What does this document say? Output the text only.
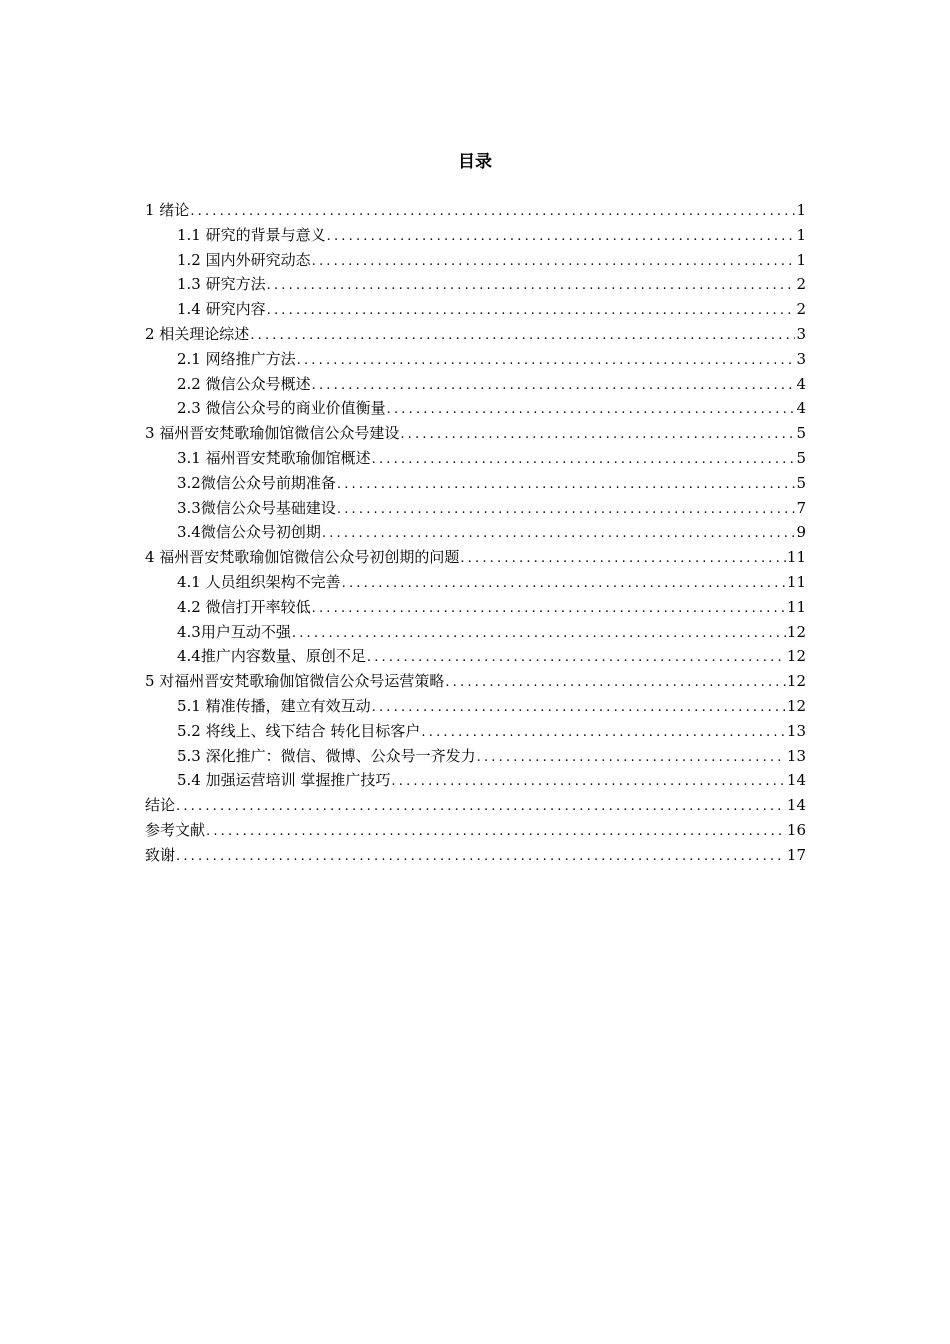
目录
1 绪论 .....	1
1.1 研究的背景与意义 .....	1
1.2 国内外研究动态 .....	1
1.3 研究方法 .....	2
1.4 研究内容 .....	2
2 相关理论综述 .....	3
2.1 网络推广方法 .....	3
2.2 微信公众号概述 .....	4
2.3 微信公众号的商业价值衡量 .....	4
3 福州晋安梵歌瑜伽馆微信公众号建设 .....	5
3.1 福州晋安梵歌瑜伽馆概述 .....	5
3.2微信公众号前期准备 .....	5
3.3微信公众号基础建设 .....	7
3.4微信公众号初创期 .....	9
4 福州晋安梵歌瑜伽馆微信公众号初创期的问题 .....	11
4.1 人员组织架构不完善 .....	11
4.2 微信打开率较低 .....	11
4.3用户互动不强 .....	12
4.4推广内容数量、原创不足 .....	12
5 对福州晋安梵歌瑜伽馆微信公众号运营策略 .....	12
5.1 精准传播，建立有效互动 .....	12
5.2 将线上、线下结合 转化目标客户 .....	13
5.3 深化推广：微信、微博、公众号一齐发力 .....	13
5.4 加强运营培训 掌握推广技巧 .....	14
结论 .....	14
参考文献 .....	16
致谢 .....	17
